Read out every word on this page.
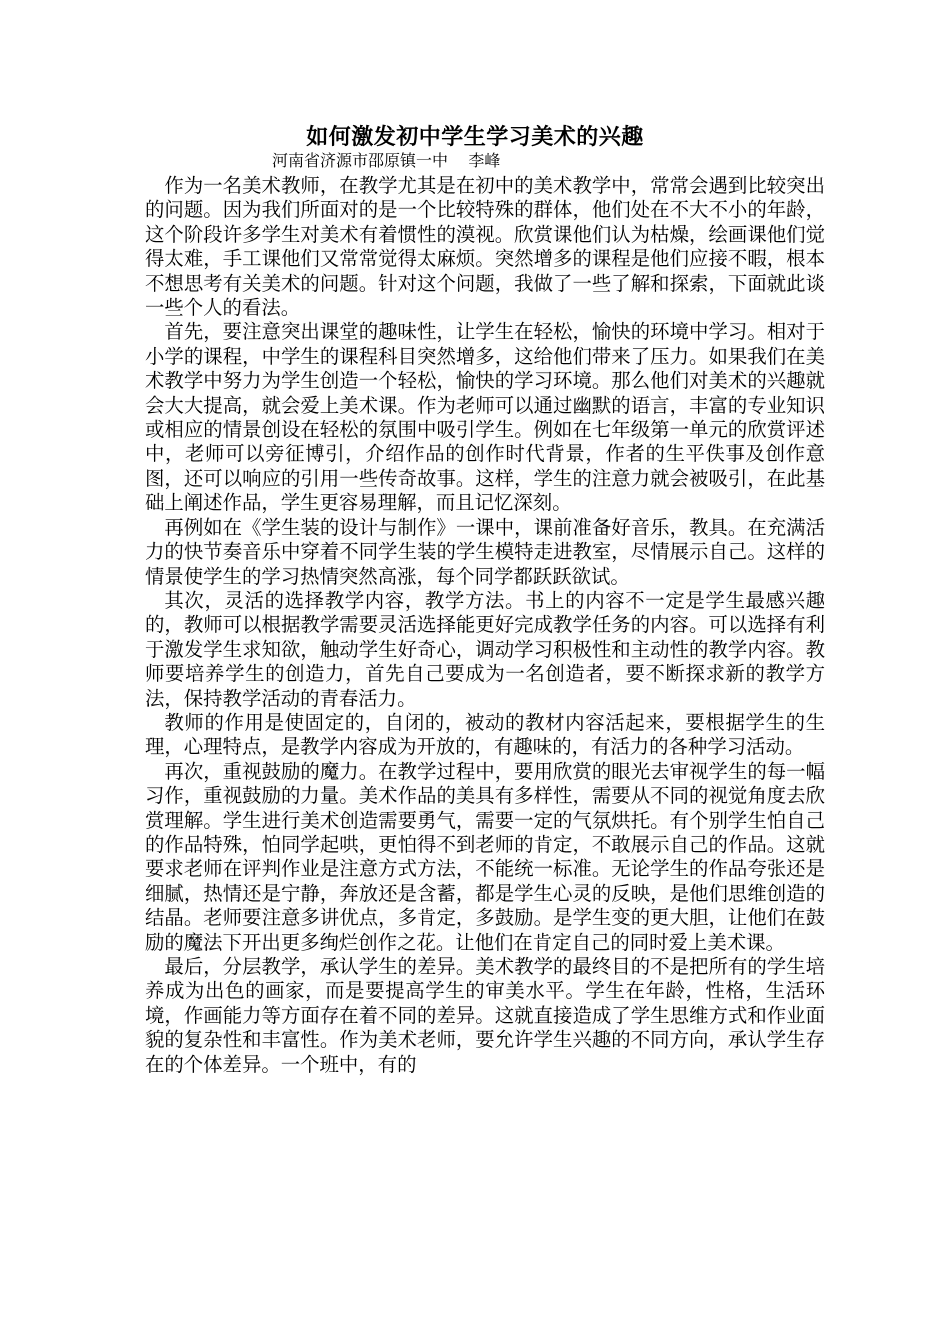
如何激发初中学生学习美术的兴趣
河南省济源市邵原镇一中    李峰

作为一名美术教师，在教学尤其是在初中的美术教学中，常常会遇到比较突出的问题。因为我们所面对的是一个比较特殊的群体，他们处在不大不小的年龄，这个阶段许多学生对美术有着惯性的漠视。欣赏课他们认为枯燥，绘画课他们觉得太难，手工课他们又常常觉得太麻烦。突然增多的课程是他们应接不暇，根本不想思考有关美术的问题。针对这个问题，我做了一些了解和探索，下面就此谈一些个人的看法。

首先，要注意突出课堂的趣味性，让学生在轻松，愉快的环境中学习。相对于小学的课程，中学生的课程科目突然增多，这给他们带来了压力。如果我们在美术教学中努力为学生创造一个轻松，愉快的学习环境。那么他们对美术的兴趣就会大大提高，就会爱上美术课。作为老师可以通过幽默的语言，丰富的专业知识或相应的情景创设在轻松的氛围中吸引学生。例如在七年级第一单元的欣赏评述中，老师可以旁征博引，介绍作品的创作时代背景，作者的生平佚事及创作意图，还可以响应的引用一些传奇故事。这样，学生的注意力就会被吸引，在此基础上阐述作品，学生更容易理解，而且记忆深刻。

再例如在《学生装的设计与制作》一课中，课前准备好音乐，教具。在充满活力的快节奏音乐中穿着不同学生装的学生模特走进教室，尽情展示自己。这样的情景使学生的学习热情突然高涨，每个同学都跃跃欲试。

其次，灵活的选择教学内容，教学方法。书上的内容不一定是学生最感兴趣的，教师可以根据教学需要灵活选择能更好完成教学任务的内容。可以选择有利于激发学生求知欲，触动学生好奇心，调动学习积极性和主动性的教学内容。教师要培养学生的创造力，首先自己要成为一名创造者，要不断探求新的教学方法，保持教学活动的青春活力。

教师的作用是使固定的，自闭的，被动的教材内容活起来，要根据学生的生理，心理特点，是教学内容成为开放的，有趣味的，有活力的各种学习活动。

再次，重视鼓励的魔力。在教学过程中，要用欣赏的眼光去审视学生的每一幅习作，重视鼓励的力量。美术作品的美具有多样性，需要从不同的视觉角度去欣赏理解。学生进行美术创造需要勇气，需要一定的气氛烘托。有个别学生怕自己的作品特殊，怕同学起哄，更怕得不到老师的肯定，不敢展示自己的作品。这就要求老师在评判作业是注意方式方法，不能统一标准。无论学生的作品夸张还是细腻，热情还是宁静，奔放还是含蓄，都是学生心灵的反映，是他们思维创造的结晶。老师要注意多讲优点，多肯定，多鼓励。是学生变的更大胆，让他们在鼓励的魔法下开出更多绚烂创作之花。让他们在肯定自己的同时爱上美术课。

最后，分层教学，承认学生的差异。美术教学的最终目的不是把所有的学生培养成为出色的画家，而是要提高学生的审美水平。学生在年龄，性格，生活环境，作画能力等方面存在着不同的差异。这就直接造成了学生思维方式和作业面貌的复杂性和丰富性。作为美术老师，要允许学生兴趣的不同方向，承认学生存在的个体差异。一个班中，有的
